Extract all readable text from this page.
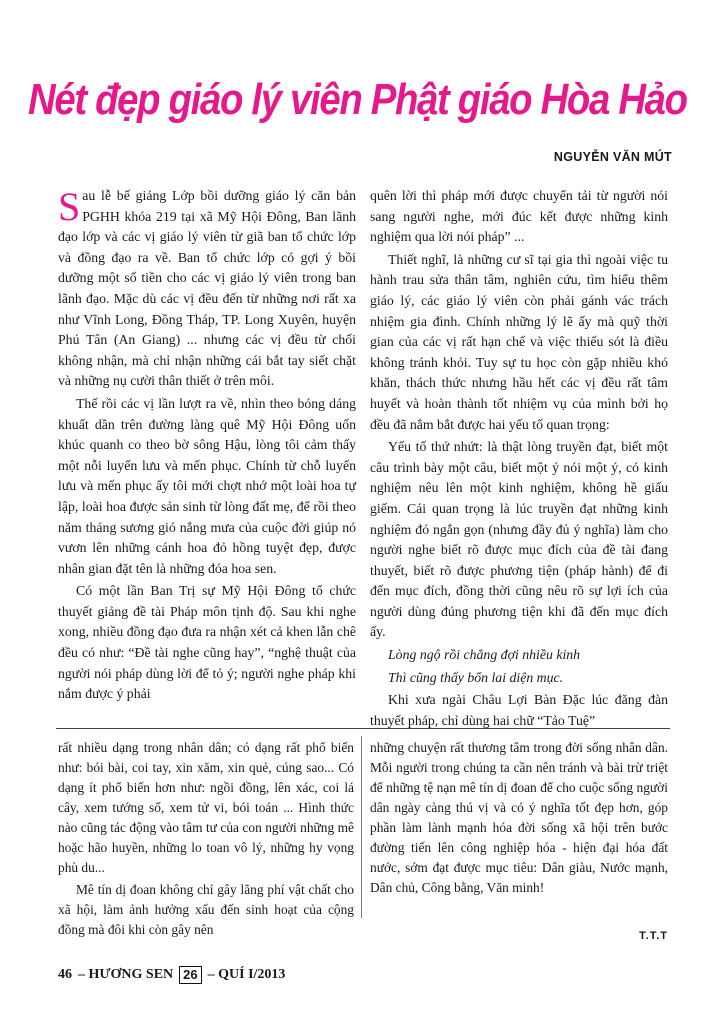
Nét đẹp giáo lý viên Phật giáo Hòa Hảo
NGUYỄN VĂN MÚT

Sau lễ bế giảng Lớp bồi dưỡng giáo lý căn bản PGHH khóa 219 tại xã Mỹ Hội Đông, Ban lãnh đạo lớp và các vị giáo lý viên từ giã ban tổ chức lớp và đồng đạo ra về. Ban tổ chức lớp có gợi ý bồi dưỡng một số tiền cho các vị giáo lý viên trong ban lãnh đạo. Mặc dù các vị đều đến từ những nơi rất xa như Vĩnh Long, Đồng Tháp, TP. Long Xuyên, huyện Phú Tân (An Giang) ... nhưng các vị đều từ chối không nhận, mà chỉ nhận những cái bắt tay siết chặt và những nụ cười thân thiết ở trên môi.

Thế rồi các vị lần lượt ra về, nhìn theo bóng dáng khuất dần trên đường làng quê Mỹ Hội Đông uốn khúc quanh co theo bờ sông Hậu, lòng tôi cảm thấy một nỗi luyến lưu và mến phục. Chính từ chỗ luyến lưu và mến phục ấy tôi mới chợt nhớ một loài hoa tự lập, loài hoa được sản sinh từ lòng đất mẹ, để rồi theo năm tháng sương gió nắng mưa của cuộc đời giúp nó vươn lên những cánh hoa đỏ hồng tuyệt đẹp, được nhân gian đặt tên là những đóa hoa sen.

Có một lần Ban Trị sự Mỹ Hội Đông tổ chức thuyết giảng đề tài Pháp môn tịnh độ. Sau khi nghe xong, nhiều đồng đạo đưa ra nhận xét cả khen lẫn chê đều có như: “Đề tài nghe cũng hay”, “nghệ thuật của người nói pháp dùng lời để tỏ ý; người nghe pháp khi nắm được ý phải

quên lời thì pháp mới được chuyển tải từ người nói sang người nghe, mới đúc kết được những kinh nghiệm qua lời nói pháp” ...

Thiết nghĩ, là những cư sĩ tại gia thì ngoài việc tu hành trau sửa thân tâm, nghiên cứu, tìm hiểu thêm giáo lý, các giáo lý viên còn phải gánh vác trách nhiệm gia đình. Chính những lý lẽ ấy mà quỹ thời gian của các vị rất hạn chế và việc thiếu sót là điều không tránh khỏi. Tuy sự tu học còn gặp nhiều khó khăn, thách thức nhưng hầu hết các vị đều rất tâm huyết và hoàn thành tốt nhiệm vụ của mình bởi họ đều đã nắm bắt được hai yếu tố quan trọng:

Yếu tố thứ nhứt: là thật lòng truyền đạt, biết một câu trình bày một câu, biết một ý nói một ý, có kinh nghiệm nêu lên một kinh nghiệm, không hề giấu giếm. Cái quan trọng là lúc truyền đạt những kinh nghiệm đó ngắn gọn (nhưng đầy đủ ý nghĩa) làm cho người nghe biết rõ được mục đích của đề tài đang thuyết, biết rõ được phương tiện (pháp hành) để đi đến mục đích, đồng thời cũng nêu rõ sự lợi ích của người dùng đúng phương tiện khi đã đến mục đích ấy.

Lòng ngộ rồi chẳng đợi nhiều kinh

Thì cũng thấy bổn lai diện mục.

Khi xưa ngài Châu Lợi Bàn Đặc lúc đăng đàn thuyết pháp, chỉ dùng hai chữ “Tảo Tuệ”

rất nhiều dạng trong nhân dân; có dạng rất phổ biến như: bói bài, coi tay, xin xăm, xin quẻ, cúng sao... Có dạng ít phổ biến hơn như: ngồi đồng, lên xác, coi lá cây, xem tướng số, xem tử vi, bói toán ... Hình thức nào cũng tác động vào tâm tư của con người những mê hoặc hão huyền, những lo toan vô lý, những hy vọng phù du...

Mê tín dị đoan không chỉ gây lãng phí vật chất cho xã hội, làm ảnh hưởng xấu đến sinh hoạt của cộng đồng mà đôi khi còn gây nên

những chuyện rất thương tâm trong đời sống nhân dân. Mỗi người trong chúng ta cần nên tránh và bài trừ triệt để những tệ nạn mê tín dị đoan để cho cuộc sống người dân ngày càng thú vị và có ý nghĩa tốt đẹp hơn, góp phần làm lành mạnh hóa đời sống xã hội trên bước đường tiến lên công nghiệp hóa - hiện đại hóa đất nước, sớm đạt được mục tiêu: Dân giàu, Nước mạnh, Dân chủ, Công bằng, Văn minh!

T.T.T
46 – HƯƠNG SEN 26 – QUÍ I/2013
